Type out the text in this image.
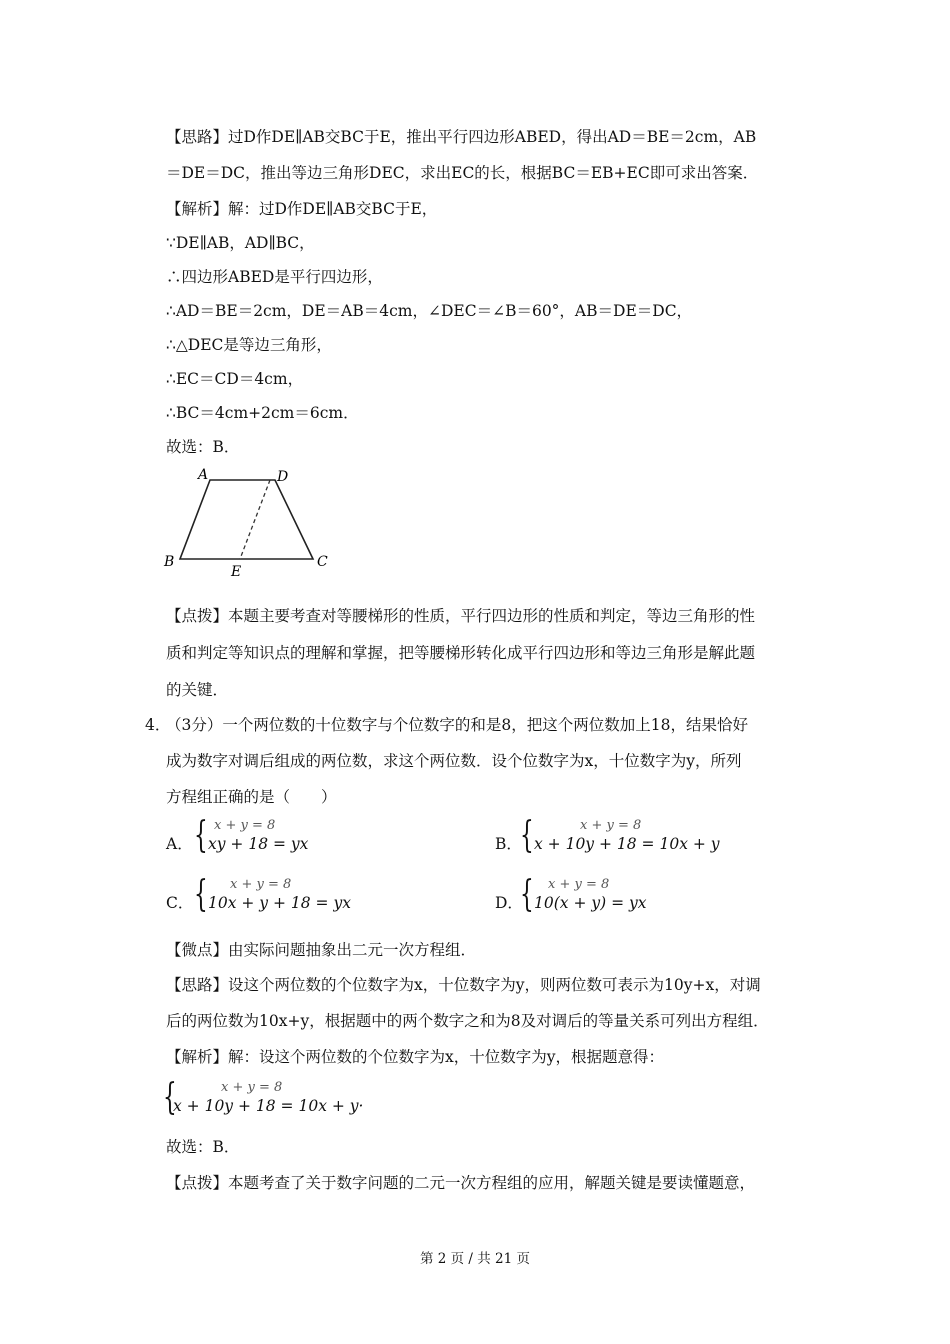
【思路】过D作DE∥AB交BC于E，推出平行四边形ABED，得出AD＝BE＝2cm，AB
＝DE＝DC，推出等边三角形DEC，求出EC的长，根据BC＝EB+EC即可求出答案．
【解析】解：过D作DE∥AB交BC于E，
∵DE∥AB，AD∥BC，
∴四边形ABED是平行四边形，
∴AD＝BE＝2cm，DE＝AB＝4cm，∠DEC＝∠B＝60°，AB＝DE＝DC，
∴△DEC是等边三角形，
∴EC＝CD＝4cm，
∴BC＝4cm+2cm＝6cm．
故选：B．
A	D
B
E
C
【点拨】本题主要考查对等腰梯形的性质，平行四边形的性质和判定，等边三角形的性
质和判定等知识点的理解和掌握，把等腰梯形转化成平行四边形和等边三角形是解此题
的关键．
4．
（3分）一个两位数的十位数字与个位数字的和是8，把这个两位数加上18，结果恰好
成为数字对调后组成的两位数，求这个两位数．设个位数字为x，十位数字为y，所列
方程组正确的是（　　）
A． { x + y = 8
xy + 18 = yx	B．
{	x + y = 8
x + 10y + 18 = 10x + y
C． { x + y = 8
10x + y + 18 = yx	D．
{ x + y = 8
10(x + y) = yx
【微点】由实际问题抽象出二元一次方程组．
【思路】设这个两位数的个位数字为x，十位数字为y，则两位数可表示为10y+x，对调
后的两位数为10x+y，根据题中的两个数字之和为8及对调后的等量关系可列出方程组．
【解析】解：设这个两位数的个位数字为x，十位数字为y，根据题意得：
{	x + y = 8
x + 10y + 18 = 10x + y·
故选：B．
【点拨】本题考查了关于数字问题的二元一次方程组的应用，解题关键是要读懂题意，
第 2 页 / 共 21 页
